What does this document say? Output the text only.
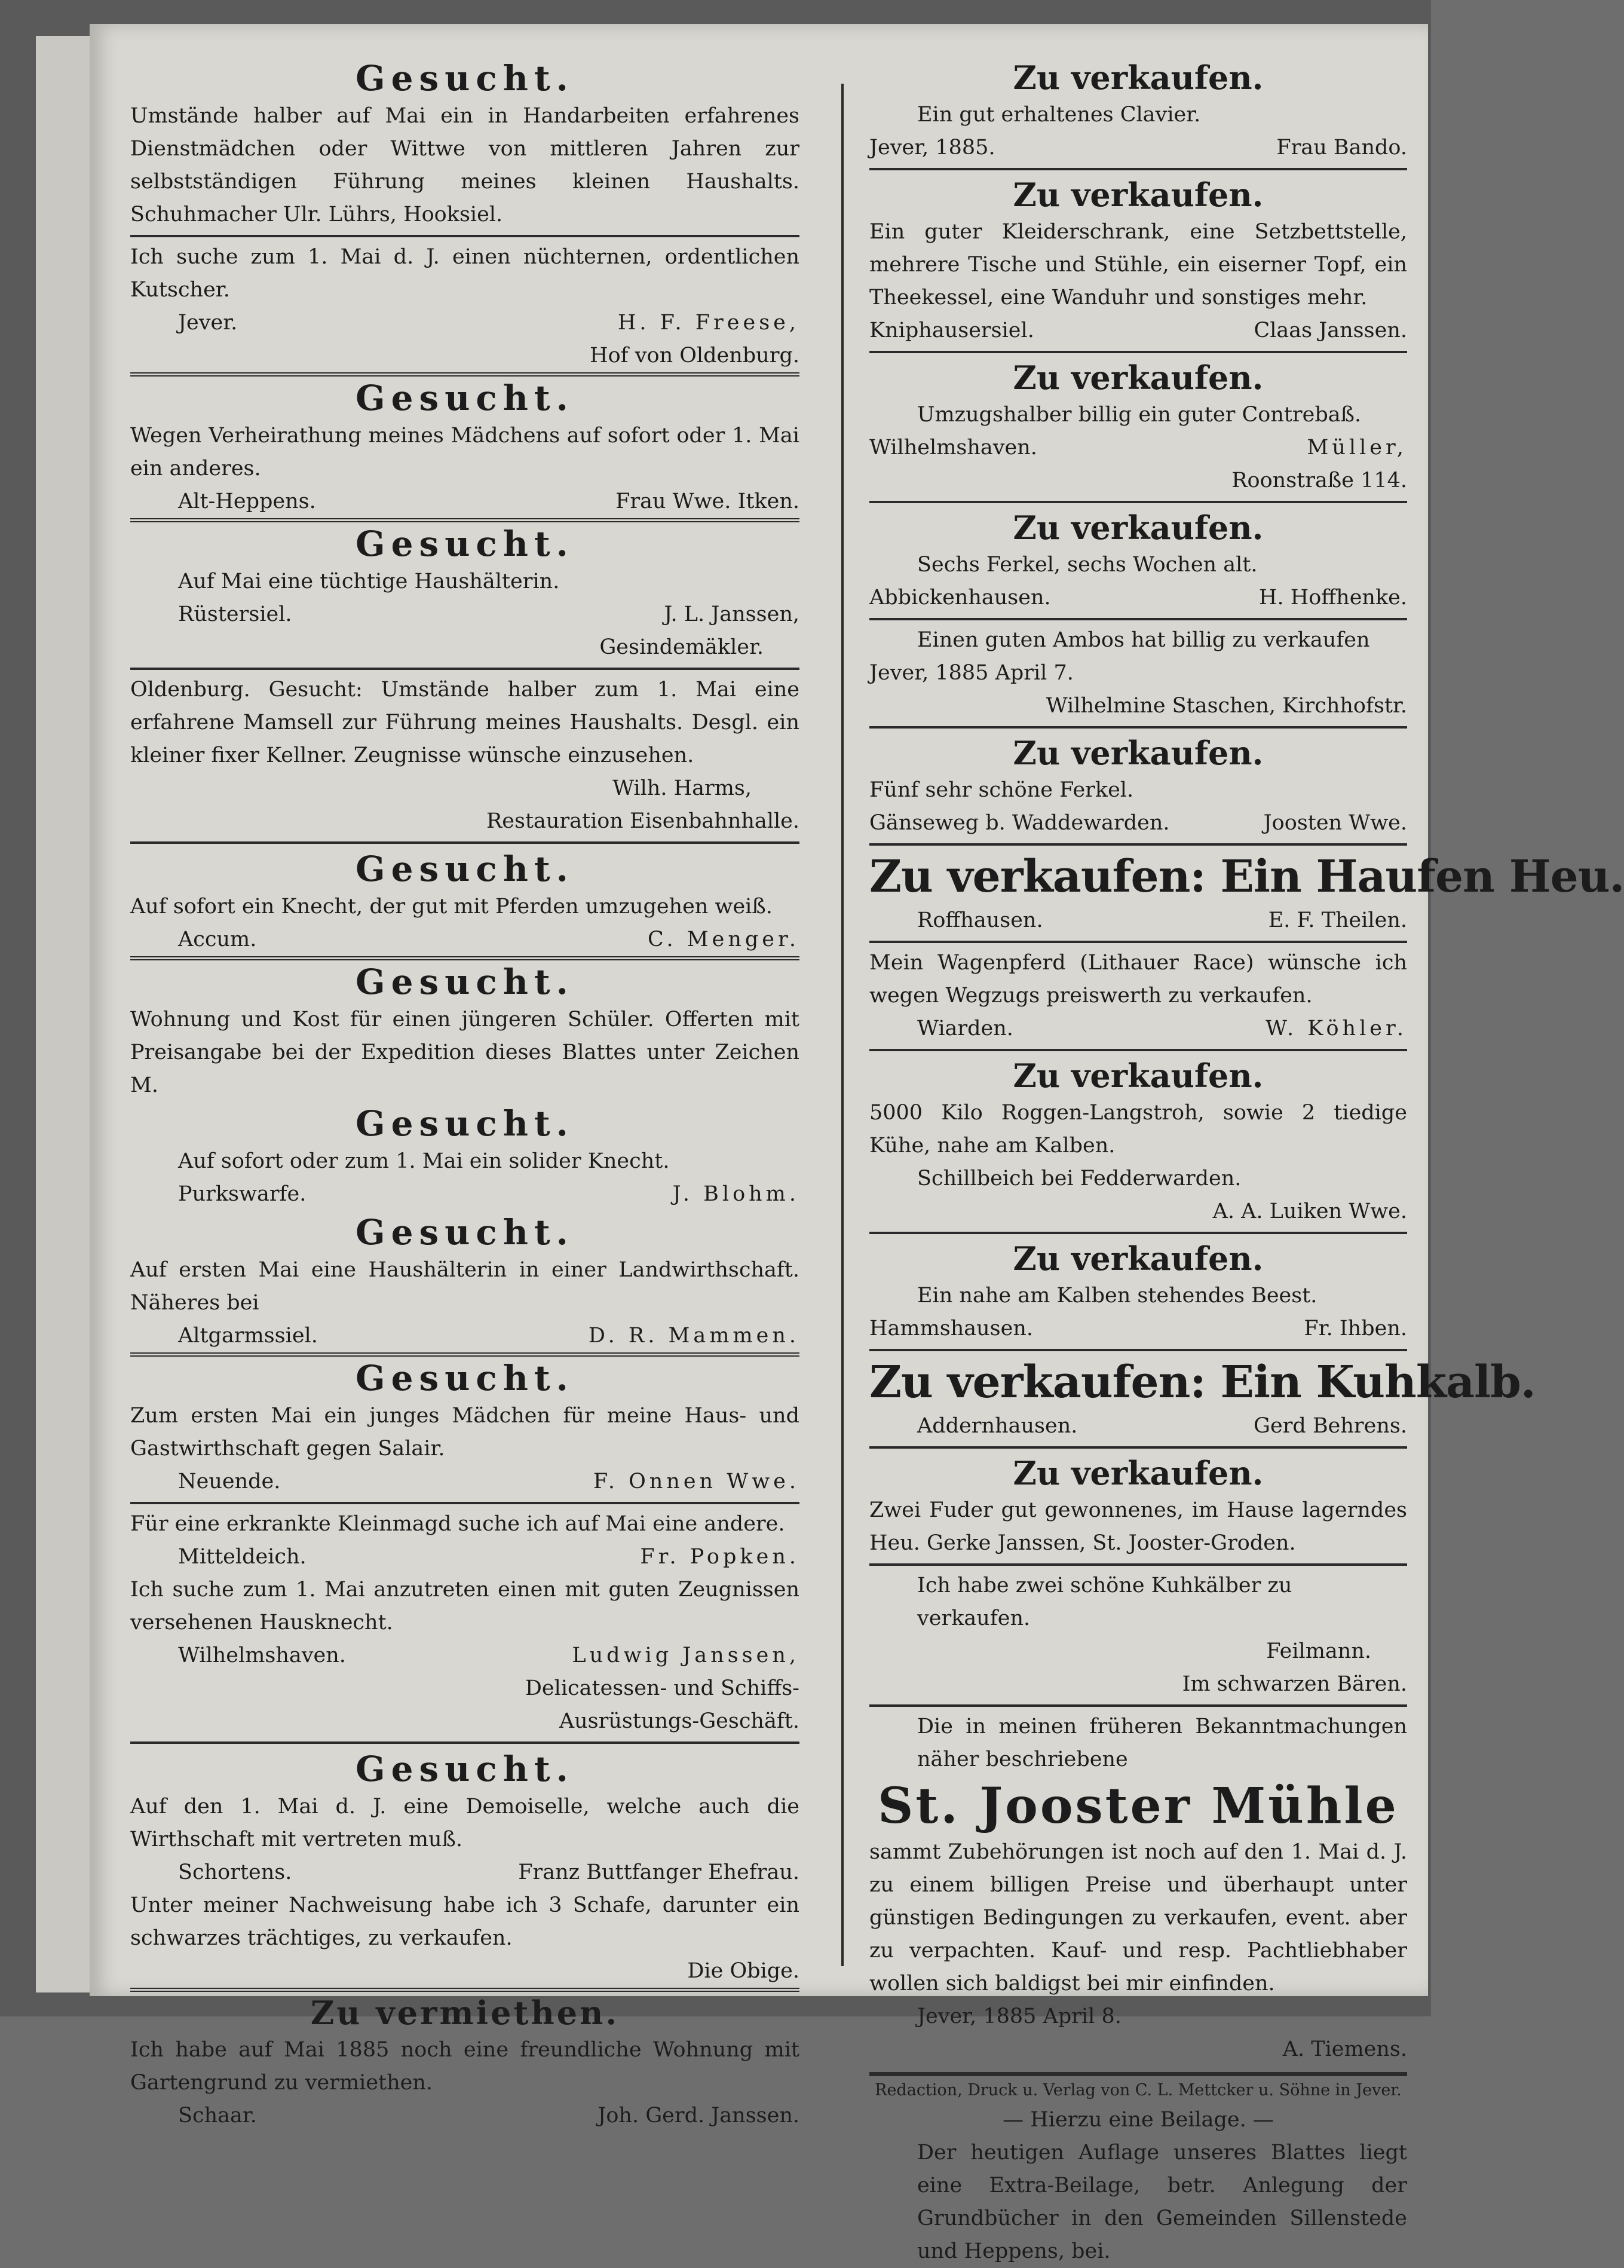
Gesucht.
Umstände halber auf Mai ein in Handarbeiten erfahrenes Dienstmädchen oder Wittwe von mittleren Jahren zur selbstständigen Führung meines kleinen Haushalts. Schuhmacher Ulr. Lührs, Hooksiel.
Ich suche zum 1. Mai d. J. einen nüchternen, ordentlichen Kutscher.
Jever.	H. F. Freese,
Hof von Oldenburg.
Gesucht.
Wegen Verheirathung meines Mädchens auf sofort oder 1. Mai ein anderes.
Alt-Heppens.	Frau Wwe. Itken.
Gesucht.
Auf Mai eine tüchtige Haushälterin.
Rüstersiel.	J. L. Janssen,
Gesindemäkler.
Oldenburg. Gesucht: Umstände halber zum 1. Mai eine erfahrene Mamsell zur Führung meines Haushalts. Desgl. ein kleiner fixer Kellner. Zeugnisse wünsche einzusehen.
Wilh. Harms,
Restauration Eisenbahnhalle.
Gesucht.
Auf sofort ein Knecht, der gut mit Pferden umzugehen weiß.
Accum.	C. Menger.
Gesucht.
Wohnung und Kost für einen jüngeren Schüler. Offerten mit Preisangabe bei der Expedition dieses Blattes unter Zeichen M.
Gesucht.
Auf sofort oder zum 1. Mai ein solider Knecht.
Purkswarfe.	J. Blohm.
Gesucht.
Auf ersten Mai eine Haushälterin in einer Landwirthschaft. Näheres bei
Altgarmssiel.	D. R. Mammen.
Gesucht.
Zum ersten Mai ein junges Mädchen für meine Haus- und Gastwirthschaft gegen Salair.
Neuende.	F. Onnen Wwe.
Für eine erkrankte Kleinmagd suche ich auf Mai eine andere.
Mitteldeich.	Fr. Popken.
Ich suche zum 1. Mai anzutreten einen mit guten Zeugnissen versehenen Hausknecht.
Wilhelmshaven.	Ludwig Janssen,
Delicatessen- und Schiffs-
Ausrüstungs-Geschäft.
Gesucht.
Auf den 1. Mai d. J. eine Demoiselle, welche auch die Wirthschaft mit vertreten muß.
Schortens.	Franz Buttfanger Ehefrau.
Unter meiner Nachweisung habe ich 3 Schafe, darunter ein schwarzes trächtiges, zu verkaufen.
Die Obige.
Zu vermiethen.
Ich habe auf Mai 1885 noch eine freundliche Wohnung mit Gartengrund zu vermiethen.
Schaar.	Joh. Gerd. Janssen.
Zu verkaufen.
Ein gut erhaltenes Clavier.
Jever, 1885.	Frau Bando.
Zu verkaufen.
Ein guter Kleiderschrank, eine Setzbettstelle, mehrere Tische und Stühle, ein eiserner Topf, ein Theekessel, eine Wanduhr und sonstiges mehr.
Kniphausersiel.	Claas Janssen.
Zu verkaufen.
Umzugshalber billig ein guter Contrebaß.
Wilhelmshaven.	Müller,
Roonstraße 114.
Zu verkaufen.
Sechs Ferkel, sechs Wochen alt.
Abbickenhausen.	H. Hoffhenke.
Einen guten Ambos hat billig zu verkaufen
Jever, 1885 April 7.
Wilhelmine Staschen, Kirchhofstr.
Zu verkaufen.
Fünf sehr schöne Ferkel.
Gänseweg b. Waddewarden.	Joosten Wwe.
Zu verkaufen: Ein Haufen Heu.
Roffhausen.	E. F. Theilen.
Mein Wagenpferd (Lithauer Race) wünsche ich wegen Wegzugs preiswerth zu verkaufen.
Wiarden.	W. Köhler.
Zu verkaufen.
5000 Kilo Roggen-Langstroh, sowie 2 tiedige Kühe, nahe am Kalben.
Schillbeich bei Fedderwarden.
A. A. Luiken Wwe.
Zu verkaufen.
Ein nahe am Kalben stehendes Beest.
Hammshausen.	Fr. Ihben.
Zu verkaufen: Ein Kuhkalb.
Addernhausen.	Gerd Behrens.
Zu verkaufen.
Zwei Fuder gut gewonnenes, im Hause lagerndes Heu. Gerke Janssen, St. Jooster-Groden.
Ich habe zwei schöne Kuhkälber zu verkaufen.
Feilmann.
Im schwarzen Bären.
Die in meinen früheren Bekanntmachungen näher beschriebene
St. Jooster Mühle
sammt Zubehörungen ist noch auf den 1. Mai d. J. zu einem billigen Preise und überhaupt unter günstigen Bedingungen zu verkaufen, event. aber zu verpachten. Kauf- und resp. Pachtliebhaber wollen sich baldigst bei mir einfinden.
Jever, 1885 April 8.
A. Tiemens.
Redaction, Druck u. Verlag von C. L. Mettcker u. Söhne in Jever.
— Hierzu eine Beilage. —
Der heutigen Auflage unseres Blattes liegt eine Extra-Beilage, betr. Anlegung der Grundbücher in den Gemeinden Sillenstede und Heppens, bei.
